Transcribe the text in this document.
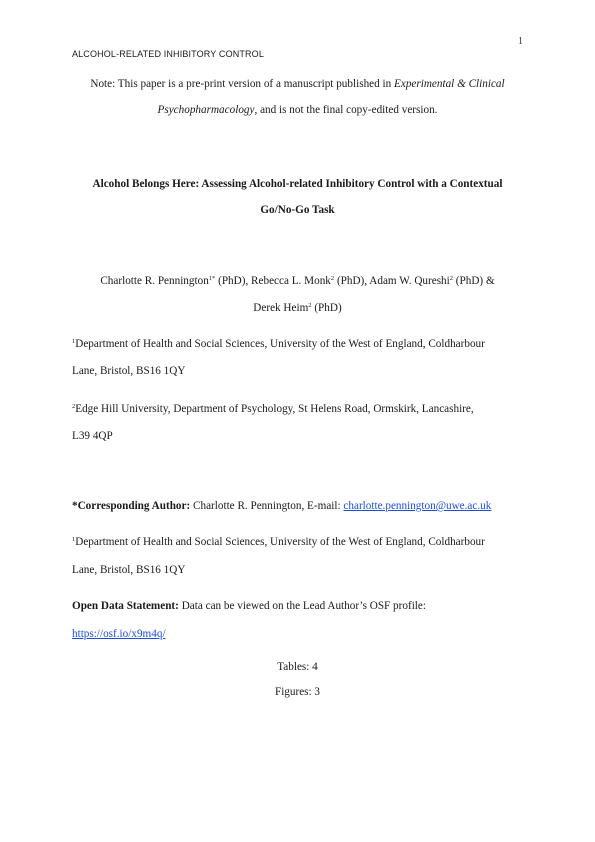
ALCOHOL-RELATED INHIBITORY CONTROL
1
Note: This paper is a pre-print version of a manuscript published in Experimental & Clinical
Psychopharmacology, and is not the final copy-edited version.
Alcohol Belongs Here: Assessing Alcohol-related Inhibitory Control with a Contextual
Go/No-Go Task
Charlotte R. Pennington$^{1*}$ (PhD), Rebecca L. Monk$^2$ (PhD), Adam W. Qureshi$^2$ (PhD) &
Derek Heim$^2$ (PhD)
$^1$Department of Health and Social Sciences, University of the West of England, Coldharbour
Lane, Bristol, BS16 1QY
$^2$Edge Hill University, Department of Psychology, St Helens Road, Ormskirk, Lancashire,
L39 4QP
*Corresponding Author: Charlotte R. Pennington, E-mail: charlotte.pennington@uwe.ac.uk
$^1$Department of Health and Social Sciences, University of the West of England, Coldharbour
Lane, Bristol, BS16 1QY
Open Data Statement: Data can be viewed on the Lead Author’s OSF profile:
https://osf.io/x9m4q/
Tables: 4
Figures: 3
